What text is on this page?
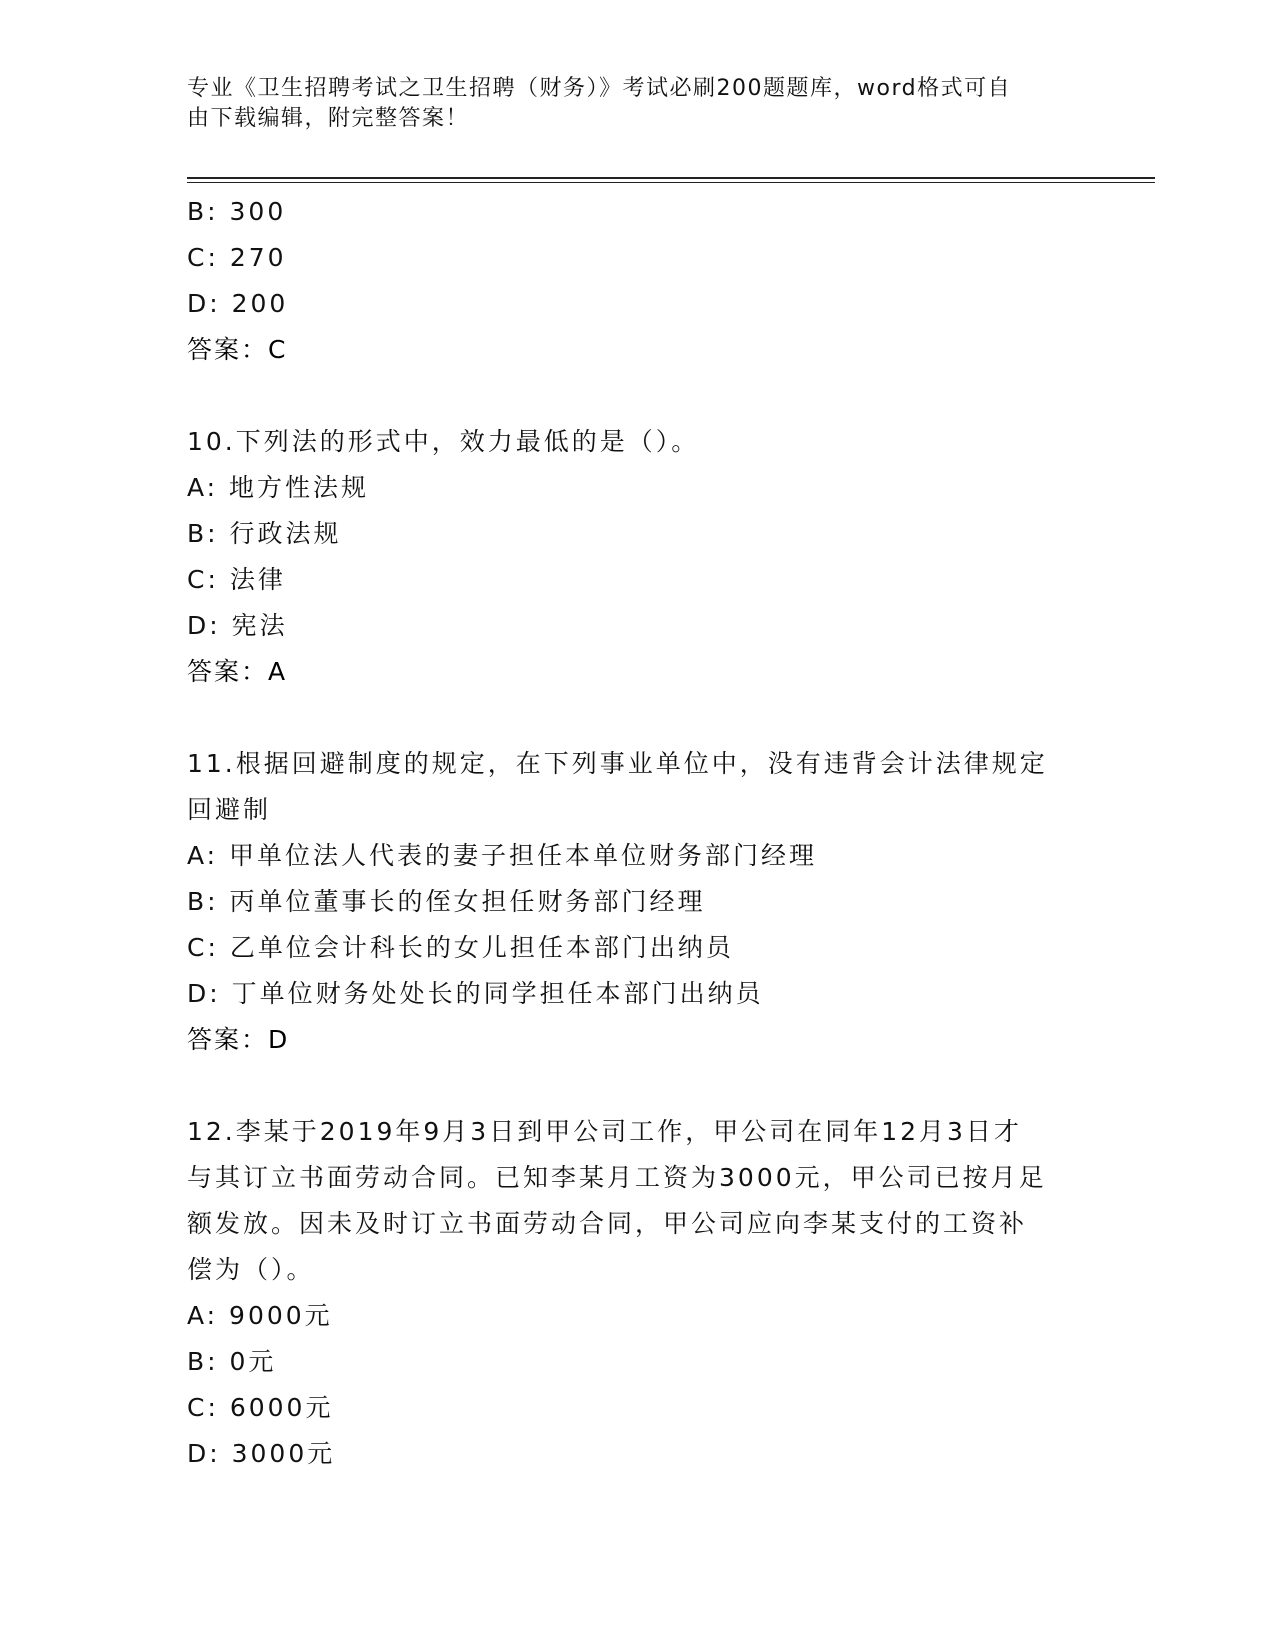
专业《卫生招聘考试之卫生招聘（财务）》考试必刷200题题库，word格式可自
由下载编辑，附完整答案！
B: 300
C: 270
D: 200
答案：C
10.下列法的形式中，效力最低的是（）。
A: 地方性法规
B: 行政法规
C: 法律
D: 宪法
答案：A
11.根据回避制度的规定，在下列事业单位中，没有违背会计法律规定
回避制
A: 甲单位法人代表的妻子担任本单位财务部门经理
B: 丙单位董事长的侄女担任财务部门经理
C: 乙单位会计科长的女儿担任本部门出纳员
D: 丁单位财务处处长的同学担任本部门出纳员
答案：D
12.李某于2019年9月3日到甲公司工作，甲公司在同年12月3日才
与其订立书面劳动合同。已知李某月工资为3000元，甲公司已按月足
额发放。因未及时订立书面劳动合同，甲公司应向李某支付的工资补
偿为（）。
A: 9000元
B: 0元
C: 6000元
D: 3000元
